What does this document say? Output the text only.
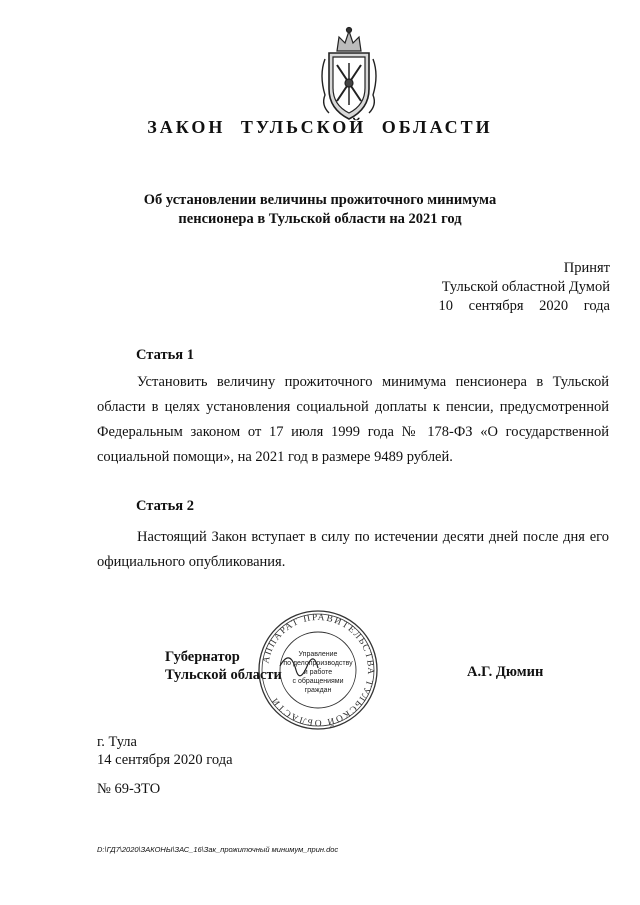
ЗАКОН ТУЛЬСКОЙ ОБЛАСТИ
Об установлении величины прожиточного минимума
пенсионера в Тульской области на 2021 год
Принят
Тульской областной Думой
10 сентября 2020 года
Статья 1
Установить величину прожиточного минимума пенсионера в Тульской области в целях установления социальной доплаты к пенсии, предусмотренной Федеральным законом от 17 июля 1999 года № 178-ФЗ «О государственной социальной помощи», на 2021 год в размере 9489 рублей.
Статья 2
Настоящий Закон вступает в силу по истечении десяти дней после дня его официального опубликования.
Губернатор
Тульской области
АППАРАТ ПРАВИТЕЛЬСТВА ТУЛЬСКОЙ ОБЛАСТИ
Управление
по делопроизводству
и работе
с обращениями
граждан
А.Г. Дюмин
г. Тула
14 сентября 2020 года
№ 69-ЗТО
D:\ГД7\2020\ЗАКОНЫ\ЗАС_16\Зак_прожиточный минимум_прин.doc
